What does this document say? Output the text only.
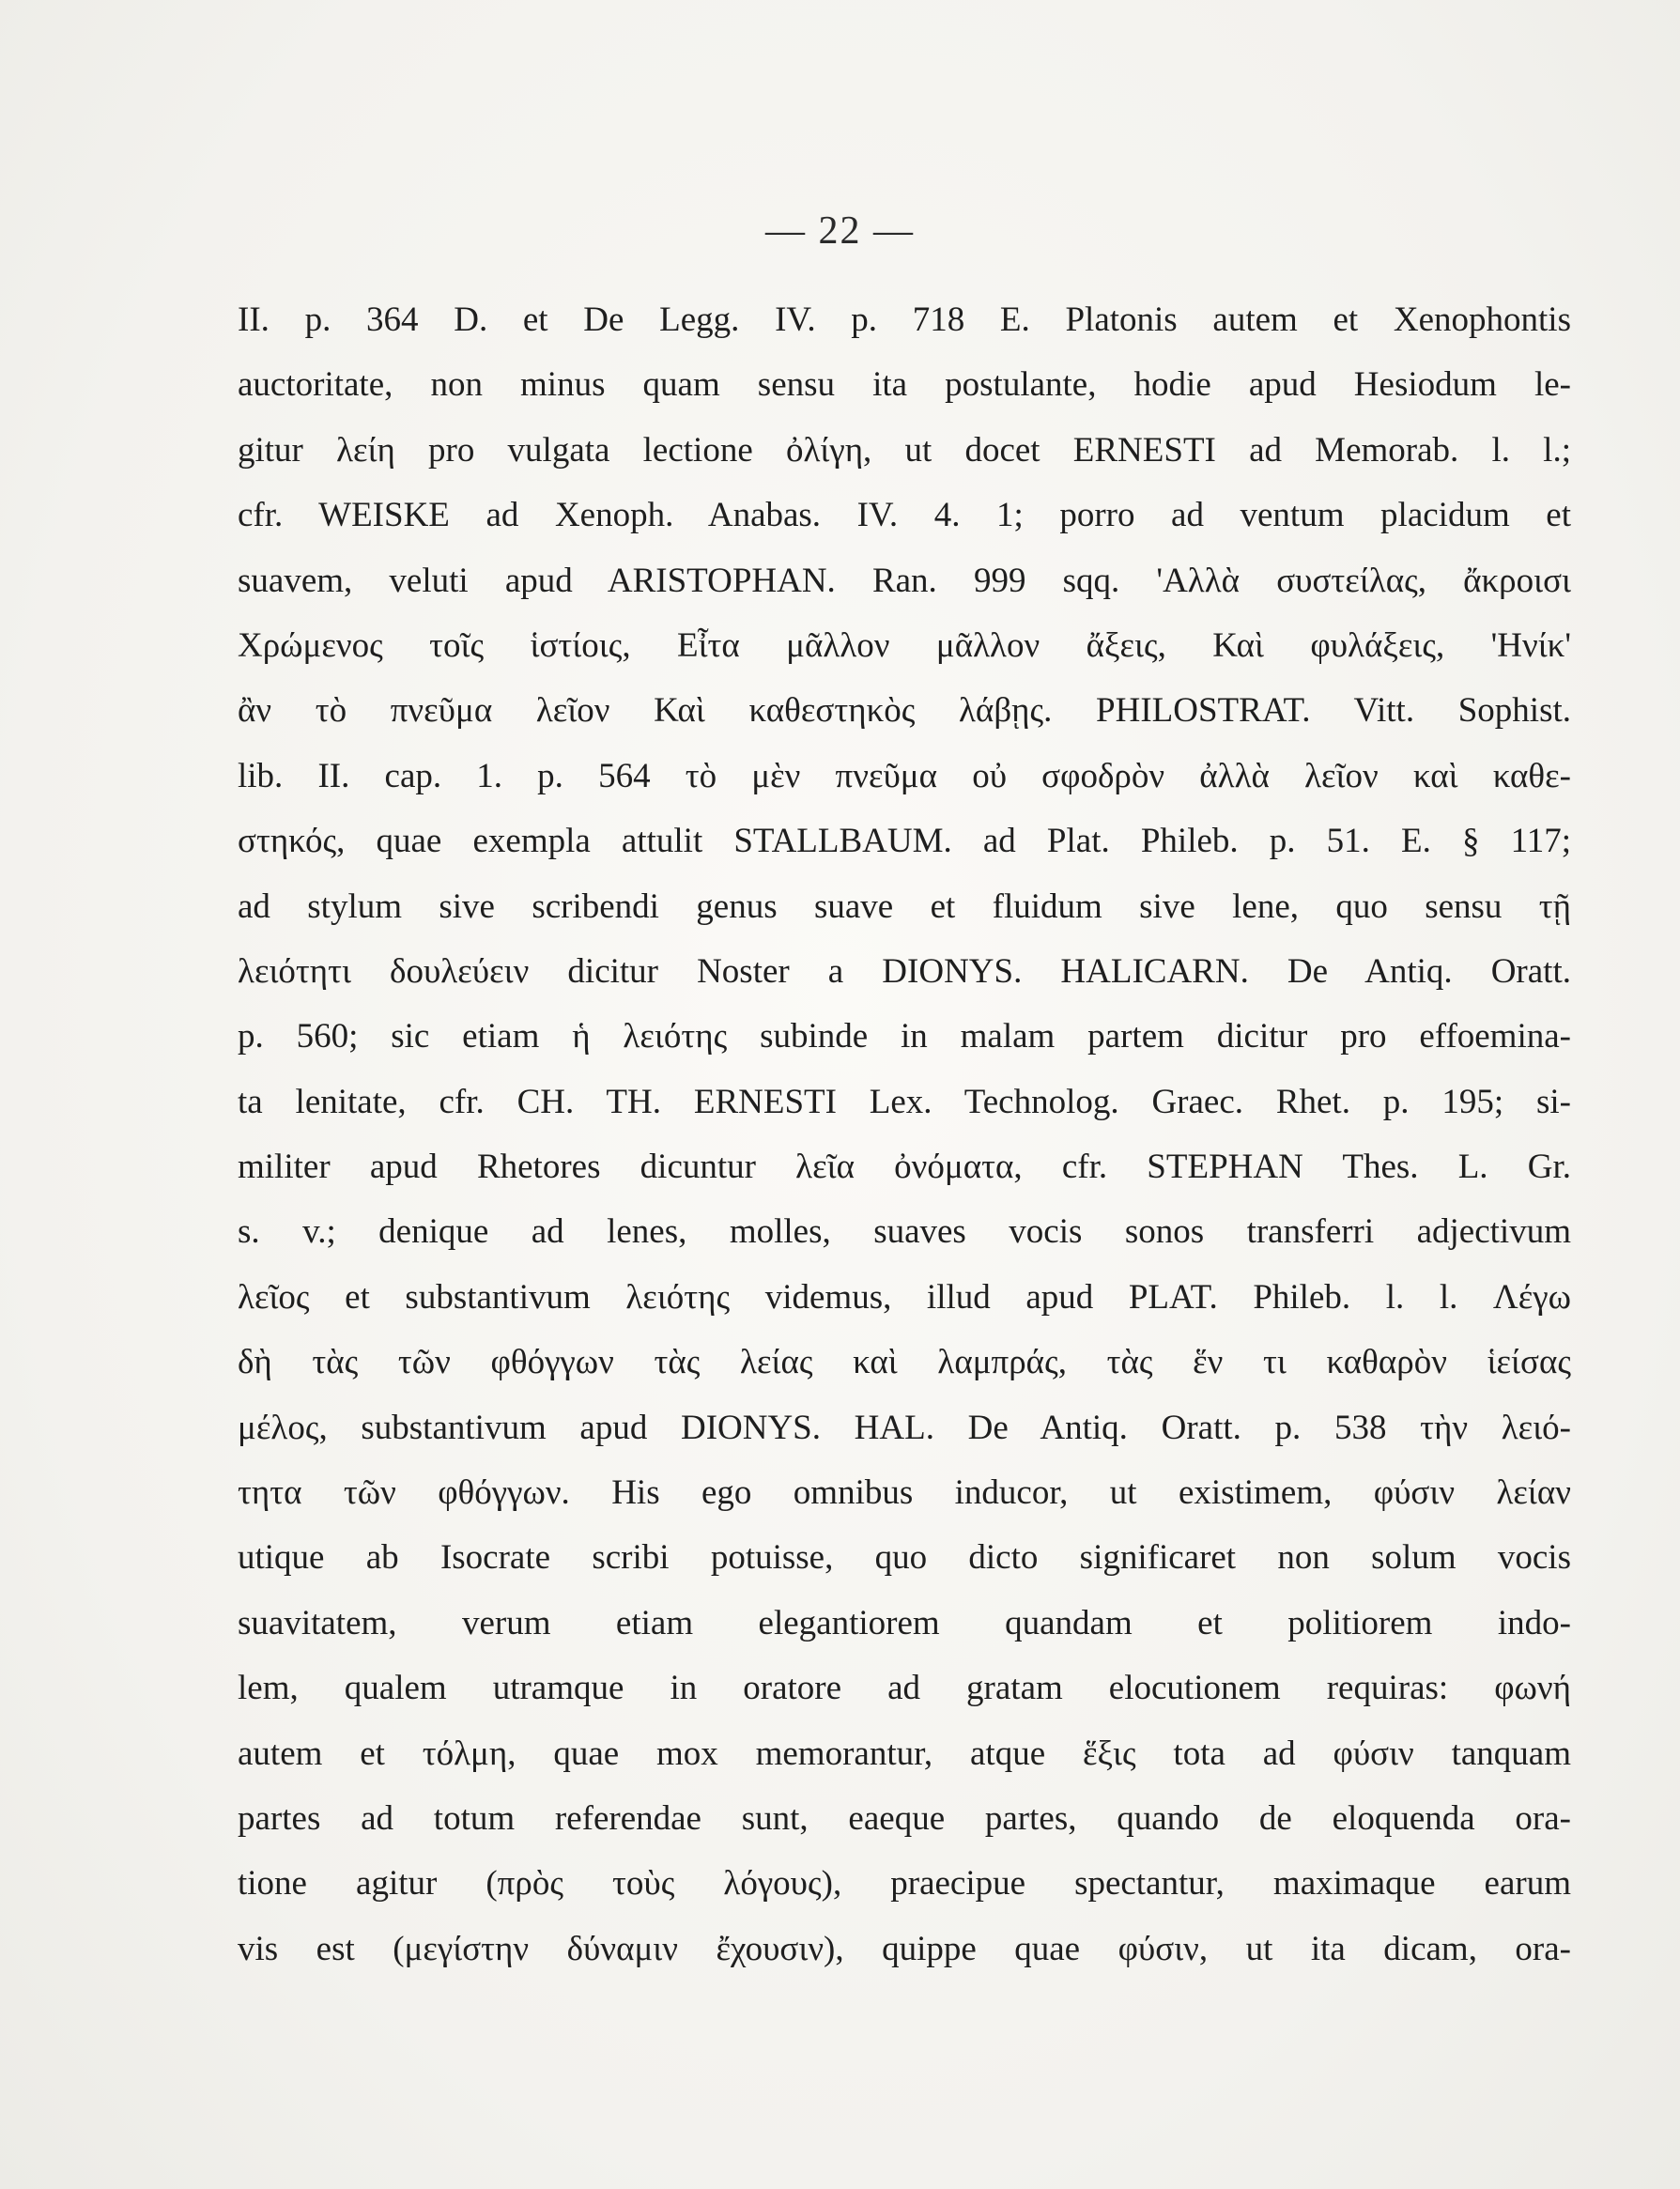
— 22 —
II. p. 364 D. et De Legg. IV. p. 718 E. Platonis autem et Xenophontis
auctoritate, non minus quam sensu ita postulante, hodie apud Hesiodum le-
gitur λείη pro vulgata lectione ὀλίγη, ut docet ERNESTI ad Memorab. l. l.;
cfr. WEISKE ad Xenoph. Anabas. IV. 4. 1; porro ad ventum placidum et
suavem, veluti apud ARISTOPHAN. Ran. 999 sqq. 'Αλλὰ συστείλας, ἄκροισι
Χρώμενος τοῖς ἱστίοις, Εἶτα μᾶλλον μᾶλλον ἄξεις, Καὶ φυλάξεις, 'Ηνίκ'
ἂν τὸ πνεῦμα λεῖον Καὶ καθεστηκὸς λάβῃς. PHILOSTRAT. Vitt. Sophist.
lib. II. cap. 1. p. 564 τὸ μὲν πνεῦμα οὐ σφοδρὸν ἀλλὰ λεῖον καὶ καθε-
στηκός, quae exempla attulit STALLBAUM. ad Plat. Phileb. p. 51. E. § 117;
ad stylum sive scribendi genus suave et fluidum sive lene, quo sensu τῇ
λειότητι δουλεύειν dicitur Noster a DIONYS. HALICARN. De Antiq. Oratt.
p. 560; sic etiam ἡ λειότης subinde in malam partem dicitur pro effoemina-
ta lenitate, cfr. CH. TH. ERNESTI Lex. Technolog. Graec. Rhet. p. 195; si-
militer apud Rhetores dicuntur λεῖα ὀνόματα, cfr. STEPHAN Thes. L. Gr.
s. v.; denique ad lenes, molles, suaves vocis sonos transferri adjectivum
λεῖος et substantivum λειότης videmus, illud apud PLAT. Phileb. l. l. Λέγω
δὴ τὰς τῶν φθόγγων τὰς λείας καὶ λαμπράς, τὰς ἕν τι καθαρὸν ἱείσας
μέλος, substantivum apud DIONYS. HAL. De Antiq. Oratt. p. 538 τὴν λειό-
τητα τῶν φθόγγων. His ego omnibus inducor, ut existimem, φύσιν λείαν
utique ab Isocrate scribi potuisse, quo dicto significaret non solum vocis
suavitatem, verum etiam elegantiorem quandam et politiorem indo-
lem, qualem utramque in oratore ad gratam elocutionem requiras: φωνή
autem et τόλμη, quae mox memorantur, atque ἕξις tota ad φύσιν tanquam
partes ad totum referendae sunt, eaeque partes, quando de eloquenda ora-
tione agitur (πρὸς τοὺς λόγους), praecipue spectantur, maximaque earum
vis est (μεγίστην δύναμιν ἔχουσιν), quippe quae φύσιν, ut ita dicam, ora-
